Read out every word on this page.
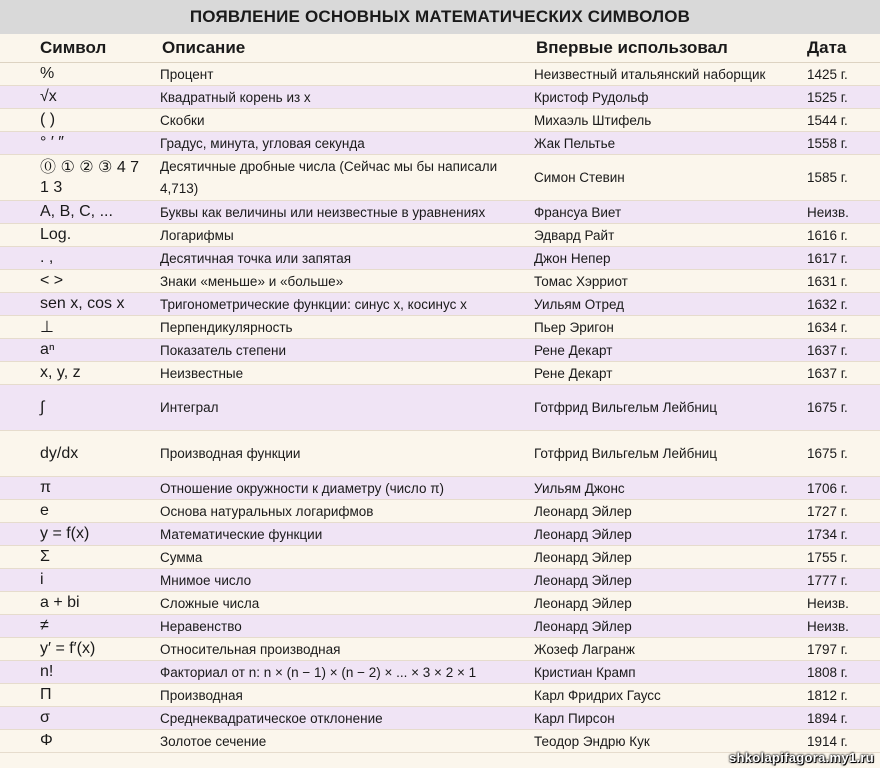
ПОЯВЛЕНИЕ ОСНОВНЫХ МАТЕМАТИЧЕСКИХ СИМВОЛОВ
Символ	Описание	Впервые использовал	Дата
%	Процент	Неизвестный итальянский наборщик	1425 г.
√x	Квадратный корень из x	Кристоф Рудольф	1525 г.
( )	Скобки	Михаэль Штифель	1544 г.
° ′ ″	Градус, минута, угловая секунда	Жак Пельтье	1558 г.
⓪ ① ② ③ 4 7 1 3	Десятичные дробные числа (Сейчас мы бы написали 4,713)	Симон Стевин	1585 г.
A, B, C, ...	Буквы как величины или неизвестные в уравнениях	Франсуа Виет	Неизв.
Log.	Логарифмы	Эдвард Райт	1616 г.
. ,	Десятичная точка или запятая	Джон Непер	1617 г.
< >	Знаки «меньше» и «больше»	Томас Хэрриот	1631 г.
sen x, cos x	Тригонометрические функции: синус x, косинус x	Уильям Отред	1632 г.
⊥	Перпендикулярность	Пьер Эригон	1634 г.
aⁿ	Показатель степени	Рене Декарт	1637 г.
x, y, z	Неизвестные	Рене Декарт	1637 г.
∫	Интеграл	Готфрид Вильгельм Лейбниц	1675 г.
dy/dx	Производная функции	Готфрид Вильгельм Лейбниц	1675 г.
π	Отношение окружности к диаметру (число π)	Уильям Джонс	1706 г.
e	Основа натуральных логарифмов	Леонард Эйлер	1727 г.
y = f(x)	Математические функции	Леонард Эйлер	1734 г.
Σ	Сумма	Леонард Эйлер	1755 г.
i	Мнимое число	Леонард Эйлер	1777 г.
a + bi	Сложные числа	Леонард Эйлер	Неизв.
≠	Неравенство	Леонард Эйлер	Неизв.
y′ = f′(x)	Относительная производная	Жозеф Лагранж	1797 г.
n!	Факториал от n: n × (n − 1) × (n − 2) × ... × 3 × 2 × 1	Кристиан Крамп	1808 г.
Π	Производная	Карл Фридрих Гаусс	1812 г.
σ	Среднеквадратическое отклонение	Карл Пирсон	1894 г.
Φ	Золотое сечение	Теодор Эндрю Кук	1914 г.
shkolapifagora.my1.ru
